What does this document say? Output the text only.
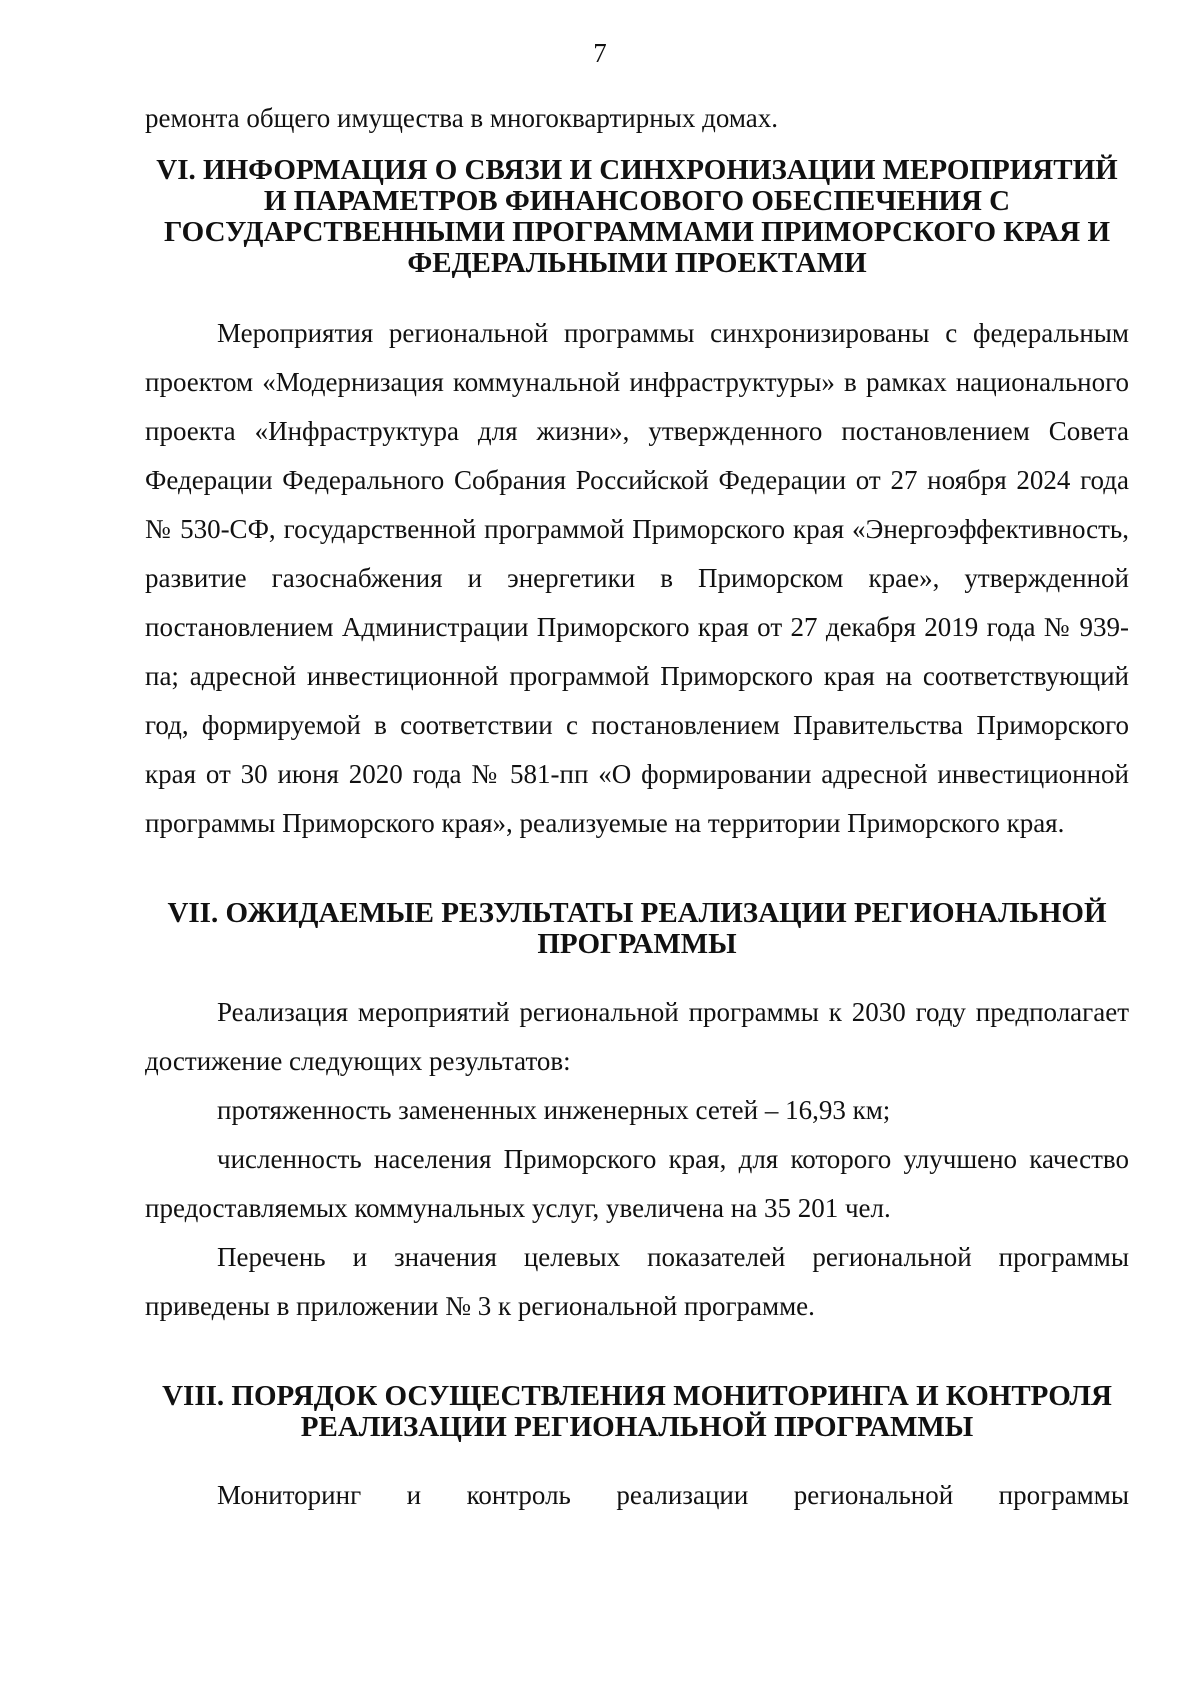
7

ремонта общего имущества в многоквартирных домах.

VI. ИНФОРМАЦИЯ О СВЯЗИ И СИНХРОНИЗАЦИИ МЕРОПРИЯТИЙ И ПАРАМЕТРОВ ФИНАНСОВОГО ОБЕСПЕЧЕНИЯ С ГОСУДАРСТВЕННЫМИ ПРОГРАММАМИ ПРИМОРСКОГО КРАЯ И ФЕДЕРАЛЬНЫМИ ПРОЕКТАМИ

Мероприятия региональной программы синхронизированы с федеральным проектом «Модернизация коммунальной инфраструктуры» в рамках национального проекта «Инфраструктура для жизни», утвержденного постановлением Совета Федерации Федерального Собрания Российской Федерации от 27 ноября 2024 года № 530-СФ, государственной программой Приморского края «Энергоэффективность, развитие газоснабжения и энергетики в Приморском крае», утвержденной постановлением Администрации Приморского края от 27 декабря 2019 года № 939-па; адресной инвестиционной программой Приморского края на соответствующий год, формируемой в соответствии с постановлением Правительства Приморского края от 30 июня 2020 года № 581-пп «О формировании адресной инвестиционной программы Приморского края», реализуемые на территории Приморского края.

VII. ОЖИДАЕМЫЕ РЕЗУЛЬТАТЫ РЕАЛИЗАЦИИ РЕГИОНАЛЬНОЙ ПРОГРАММЫ

Реализация мероприятий региональной программы к 2030 году предполагает достижение следующих результатов:

протяженность замененных инженерных сетей – 16,93 км;

численность населения Приморского края, для которого улучшено качество предоставляемых коммунальных услуг, увеличена на 35 201 чел.

Перечень и значения целевых показателей региональной программы приведены в приложении № 3 к региональной программе.

VIII. ПОРЯДОК ОСУЩЕСТВЛЕНИЯ МОНИТОРИНГА И КОНТРОЛЯ РЕАЛИЗАЦИИ РЕГИОНАЛЬНОЙ ПРОГРАММЫ

Мониторинг и контроль реализации региональной программы
